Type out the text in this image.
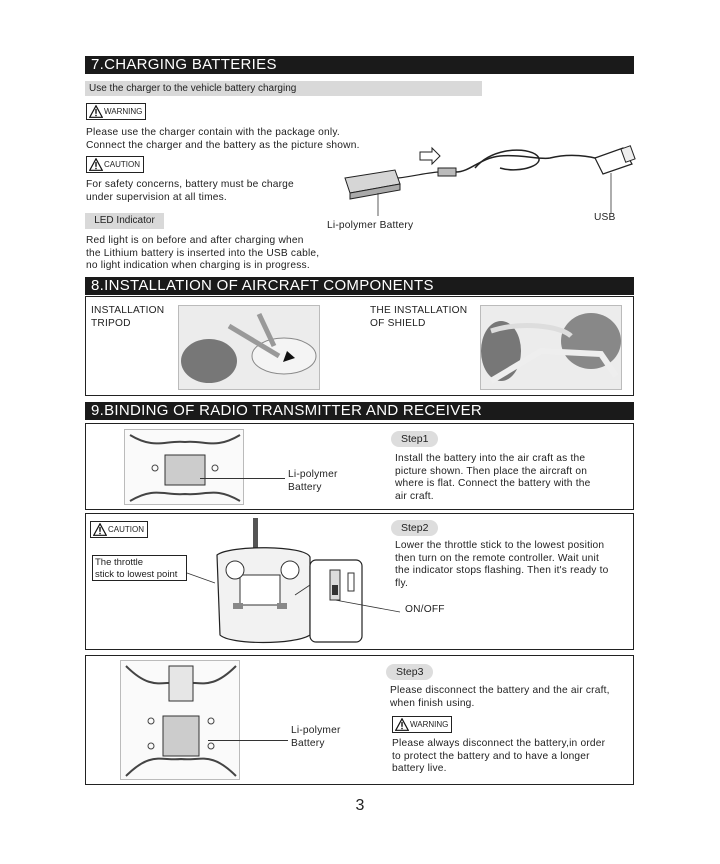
7.CHARGING BATTERIES
Use the charger to the vehicle battery charging
WARNING
Please use the charger contain with the package only.
Connect the charger and the battery as the picture shown.
CAUTION
For safety concerns, battery must be charge
under supervision at all times.
LED Indicator
Red light is on before and after charging when
the Lithium battery is inserted into the USB cable,
no light indication when charging is in progress.
Li-polymer Battery
USB
8.INSTALLATION OF AIRCRAFT COMPONENTS
INSTALLATION
TRIPOD
THE INSTALLATION
OF SHIELD
9.BINDING OF RADIO TRANSMITTER AND RECEIVER
Li-polymer
Battery
Step1
Install the battery into the air craft as the
picture shown. Then place the aircraft on
where is flat. Connect the battery with the
air craft.
CAUTION
The throttle
stick to lowest point
ON/OFF
Step2
Lower the throttle stick to the lowest position
then turn on the remote controller. Wait unit
the indicator stops flashing. Then it's ready to
fly.
Li-polymer
Battery
Step3
Please disconnect the battery and the air craft,
when finish using.
WARNING
Please always disconnect the battery,in order
to protect the battery and to have a longer
battery live.
3
